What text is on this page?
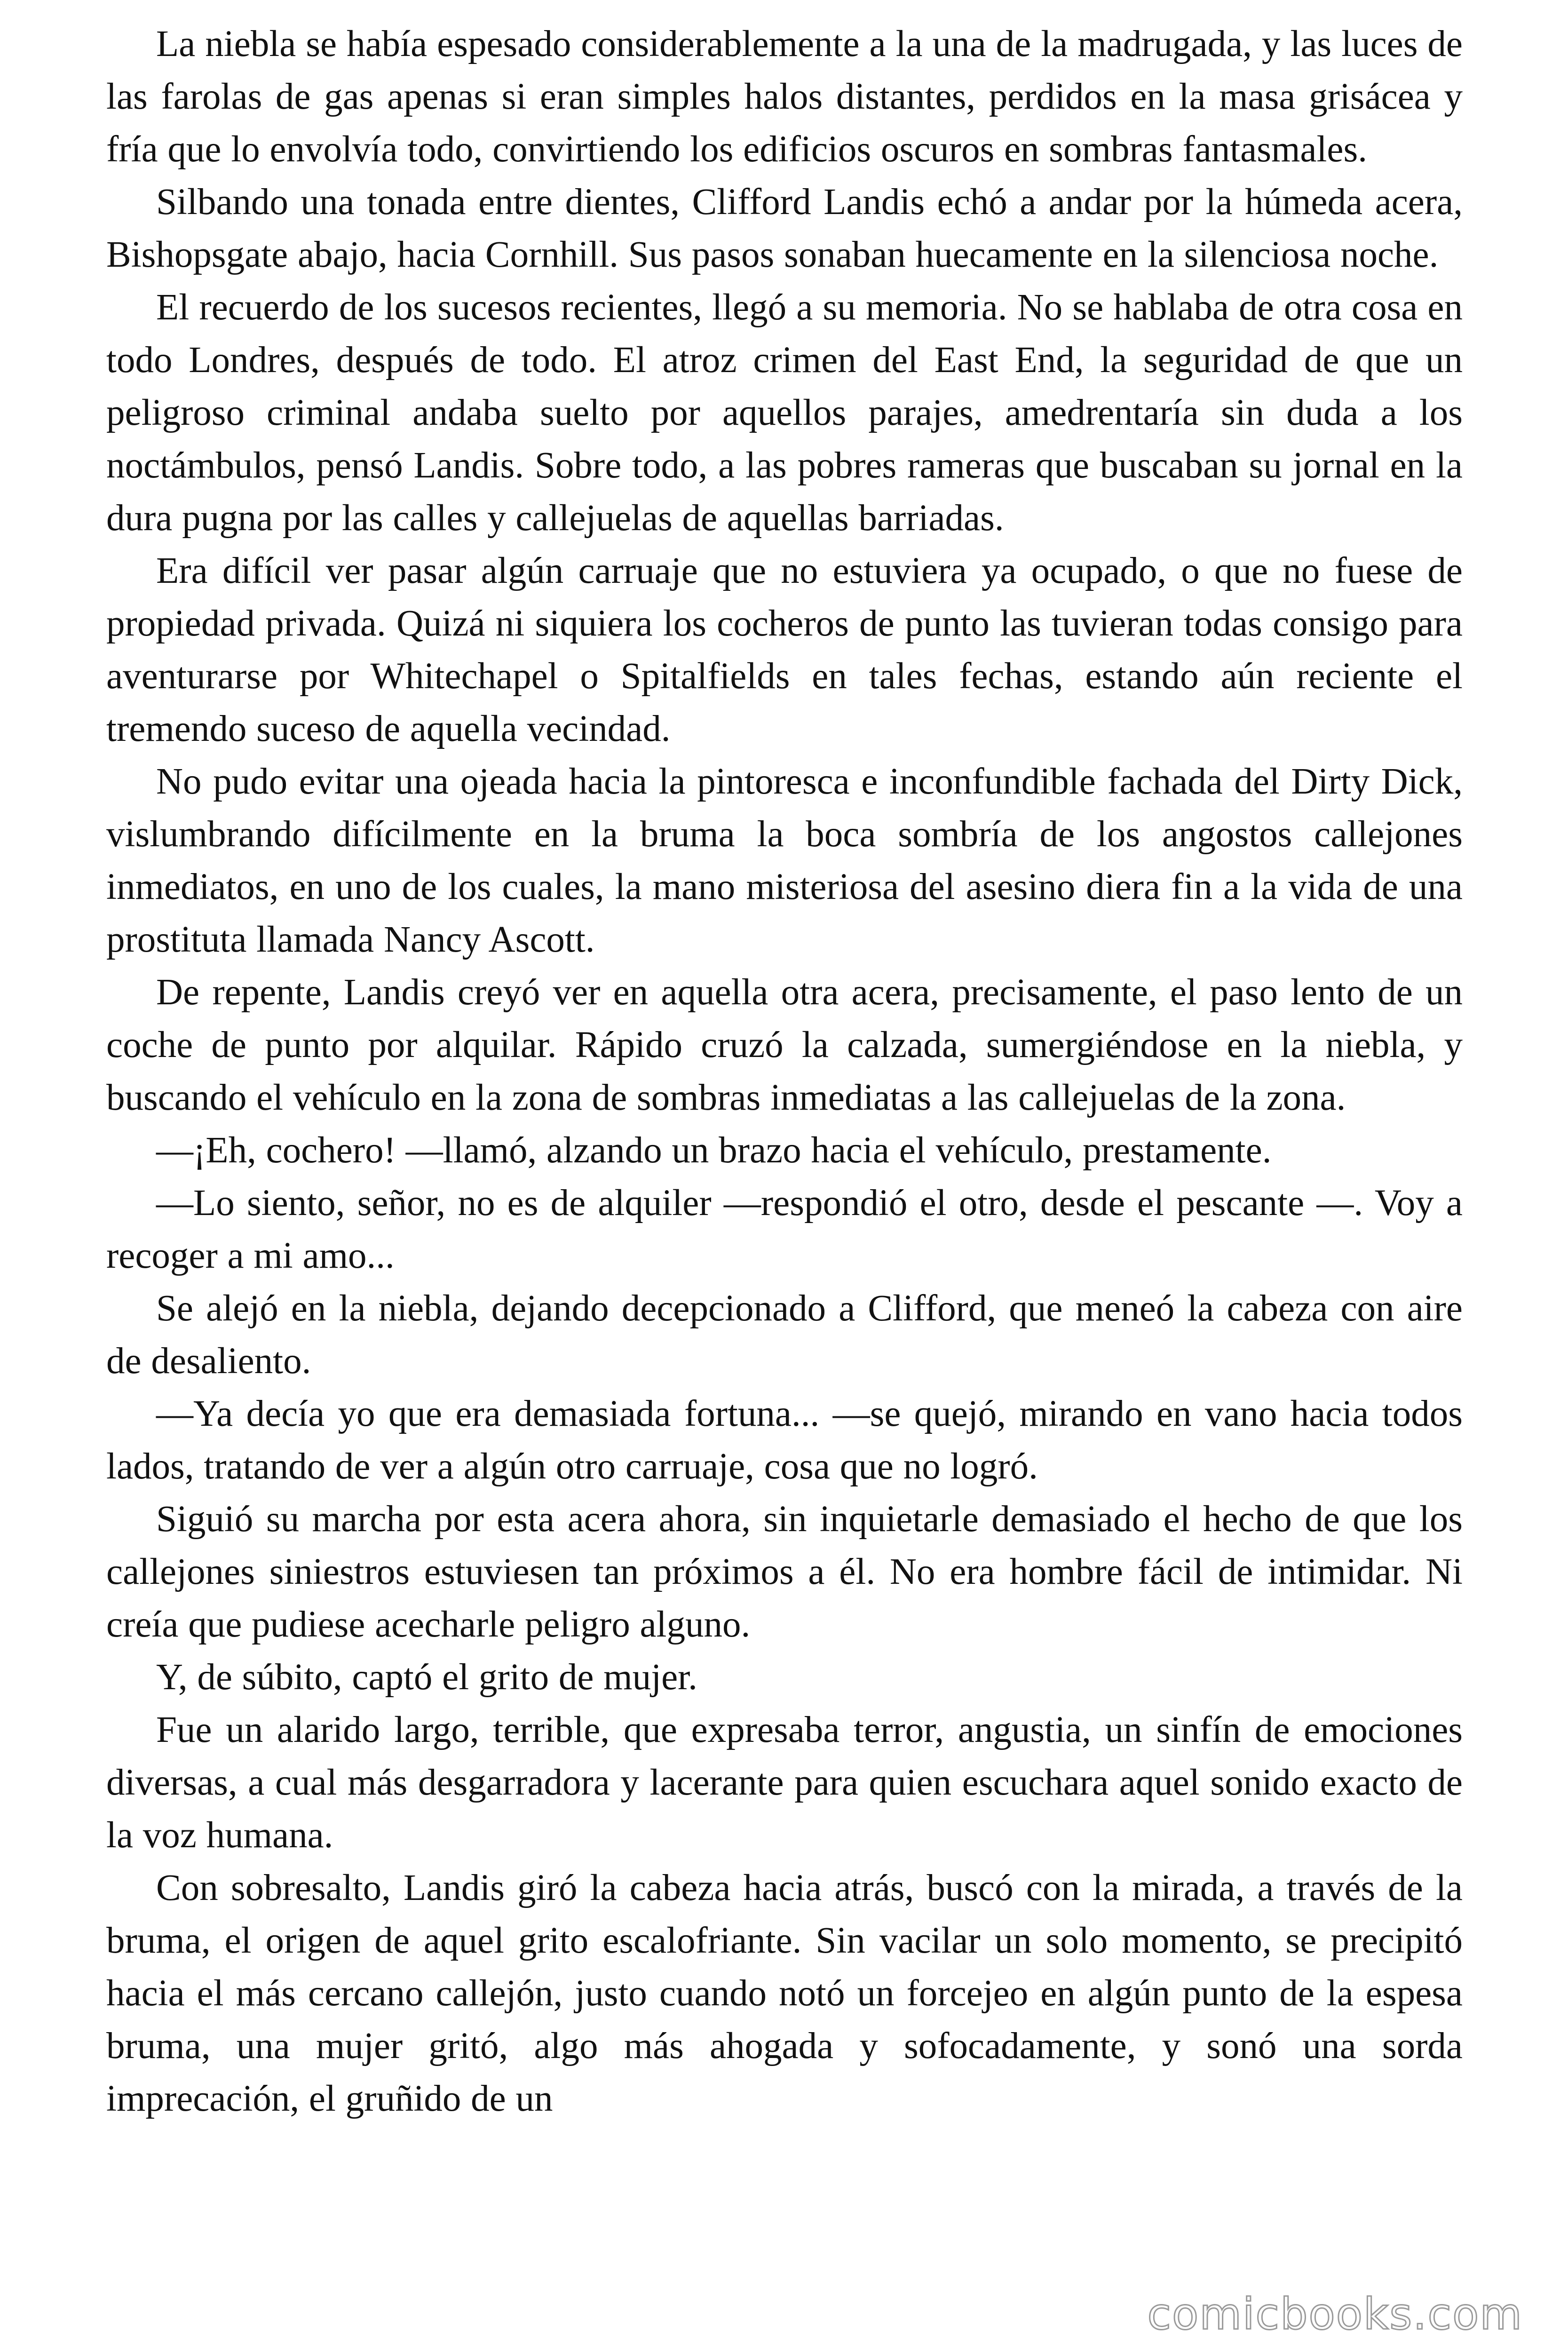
La niebla se había espesado considerablemente a la una de la madrugada, y las luces de las farolas de gas apenas si eran simples halos distantes, perdidos en la masa grisácea y fría que lo envolvía todo, convirtiendo los edificios oscuros en sombras fantasmales.

Silbando una tonada entre dientes, Clifford Landis echó a andar por la húmeda acera, Bishopsgate abajo, hacia Cornhill. Sus pasos sonaban huecamente en la silenciosa noche.

El recuerdo de los sucesos recientes, llegó a su memoria. No se hablaba de otra cosa en todo Londres, después de todo. El atroz crimen del East End, la seguridad de que un peligroso criminal andaba suelto por aquellos parajes, amedrentaría sin duda a los noctámbulos, pensó Landis. Sobre todo, a las pobres rameras que buscaban su jornal en la dura pugna por las calles y callejuelas de aquellas barriadas.

Era difícil ver pasar algún carruaje que no estuviera ya ocupado, o que no fuese de propiedad privada. Quizá ni siquiera los cocheros de punto las tuvieran todas consigo para aventurarse por Whitechapel o Spitalfields en tales fechas, estando aún reciente el tremendo suceso de aquella vecindad.

No pudo evitar una ojeada hacia la pintoresca e inconfundible fachada del Dirty Dick, vislumbrando difícilmente en la bruma la boca sombría de los angostos callejones inmediatos, en uno de los cuales, la mano misteriosa del asesino diera fin a la vida de una prostituta llamada Nancy Ascott.

De repente, Landis creyó ver en aquella otra acera, precisamente, el paso lento de un coche de punto por alquilar. Rápido cruzó la calzada, sumergiéndose en la niebla, y buscando el vehículo en la zona de sombras inmediatas a las callejuelas de la zona.

—¡Eh, cochero! —llamó, alzando un brazo hacia el vehículo, prestamente.

—Lo siento, señor, no es de alquiler —respondió el otro, desde el pescante —. Voy a recoger a mi amo...

Se alejó en la niebla, dejando decepcionado a Clifford, que meneó la cabeza con aire de desaliento.

—Ya decía yo que era demasiada fortuna... —se quejó, mirando en vano hacia todos lados, tratando de ver a algún otro carruaje, cosa que no logró.

Siguió su marcha por esta acera ahora, sin inquietarle demasiado el hecho de que los callejones siniestros estuviesen tan próximos a él. No era hombre fácil de intimidar. Ni creía que pudiese acecharle peligro alguno.

Y, de súbito, captó el grito de mujer.

Fue un alarido largo, terrible, que expresaba terror, angustia, un sinfín de emociones diversas, a cual más desgarradora y lacerante para quien escuchara aquel sonido exacto de la voz humana.

Con sobresalto, Landis giró la cabeza hacia atrás, buscó con la mirada, a través de la bruma, el origen de aquel grito escalofriante. Sin vacilar un solo momento, se precipitó hacia el más cercano callejón, justo cuando notó un forcejeo en algún punto de la espesa bruma, una mujer gritó, algo más ahogada y sofocadamente, y sonó una sorda imprecación, el gruñido de un

comicbooks.com
